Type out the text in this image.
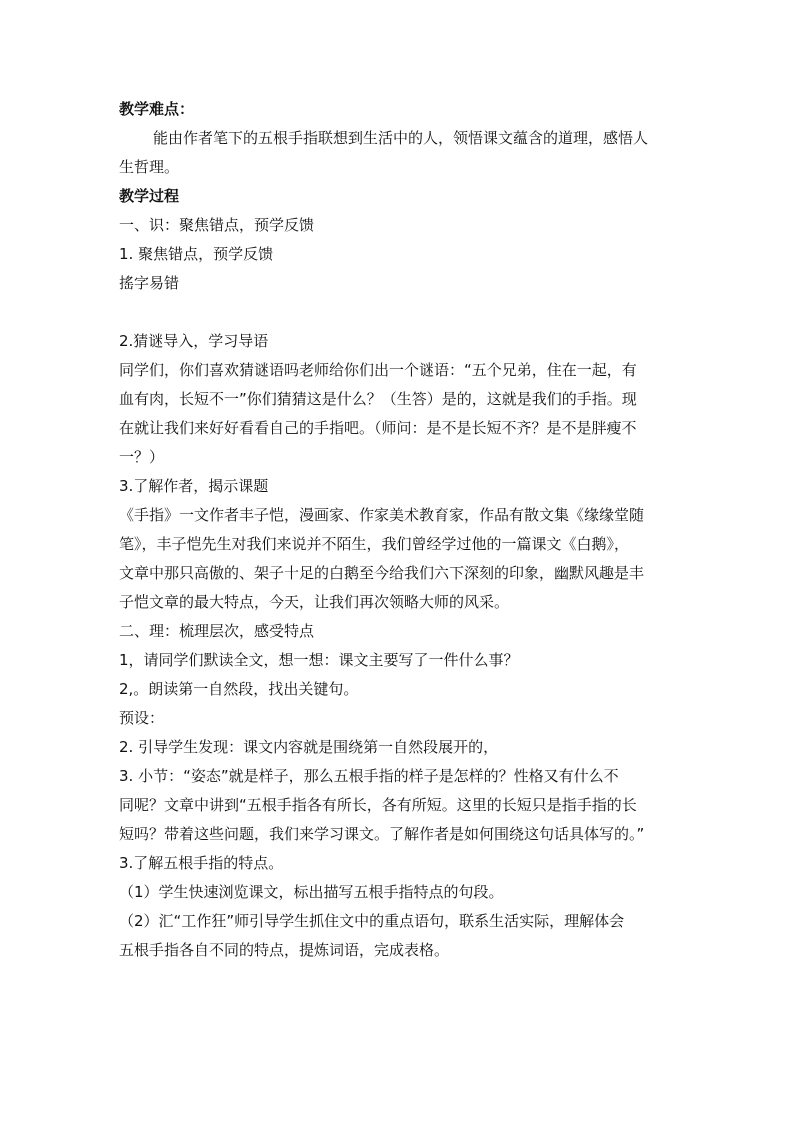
教学难点：
能由作者笔下的五根手指联想到生活中的人，领悟课文蕴含的道理，感悟人
生哲理。
教学过程
一、识：聚焦错点，预学反馈
1. 聚焦错点，预学反馈
搖字易错
2.猜谜导入，学习导语
同学们，你们喜欢猜谜语吗老师给你们出一个谜语：“五个兄弟，住在一起，有
血有肉，长短不一”你们猜猜这是什么？（生答）是的，这就是我们的手指。现
在就让我们来好好看看自己的手指吧。（师问：是不是长短不齐？是不是胖瘦不
一？）
3.了解作者，揭示课题
《手指》一文作者丰子恺，漫画家、作家美术教育家，作品有散文集《缘缘堂随
笔》，丰子恺先生对我们来说并不陌生，我们曾经学过他的一篇课文《白鹅》，
文章中那只高傲的、架子十足的白鹅至今给我们六下深刻的印象，幽默风趣是丰
子恺文章的最大特点，今天，让我们再次领略大师的风采。
二、理：梳理层次，感受特点
1，请同学们默读全文，想一想：课文主要写了一件什么事？
2,。朗读第一自然段，找出关键句。
预设：
2. 引导学生发现：课文内容就是围绕第一自然段展开的，
3. 小节：“姿态”就是样子，那么五根手指的样子是怎样的？性格又有什么不
同呢？文章中讲到“五根手指各有所长，各有所短。这里的长短只是指手指的长
短吗？带着这些问题，我们来学习课文。了解作者是如何围绕这句话具体写的。”
3.了解五根手指的特点。
（1）学生快速浏览课文，标出描写五根手指特点的句段。
（2）汇“工作狂”师引导学生抓住文中的重点语句，联系生活实际，理解体会
五根手指各自不同的特点，提炼词语，完成表格。
